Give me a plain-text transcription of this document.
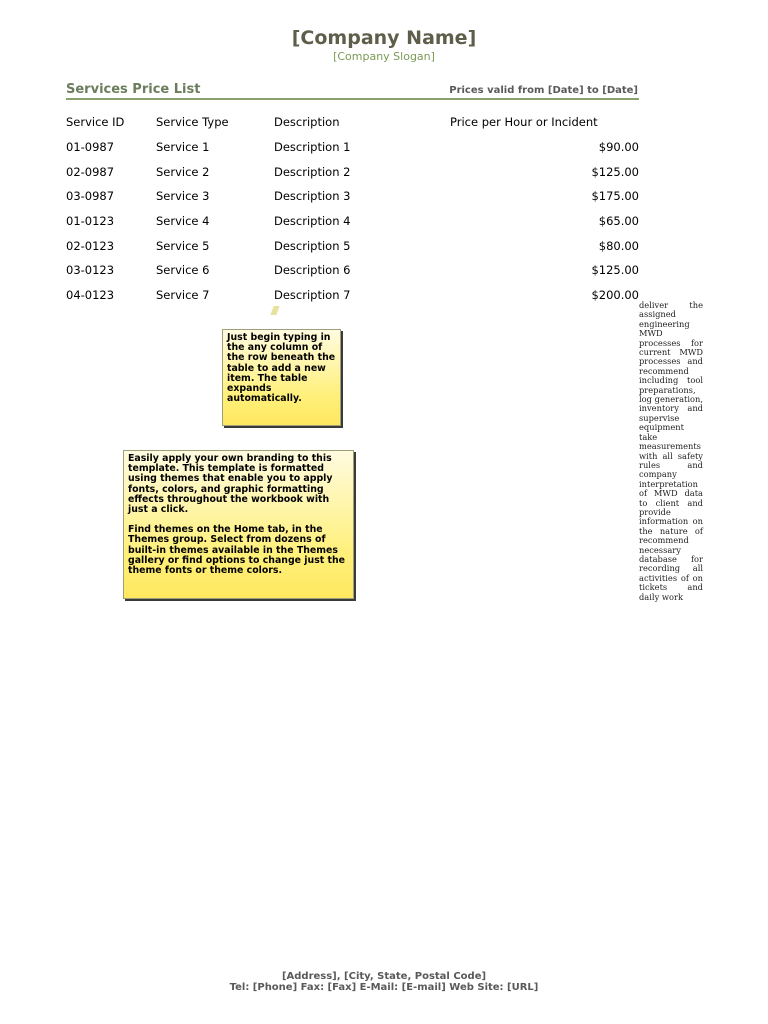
[Company Name]
[Company Slogan]
Services Price List	Prices valid from [Date] to [Date]
Service ID	Service Type	Description	Price per Hour or Incident
01-0987	Service 1	Description 1	$90.00
02-0987	Service 2	Description 2	$125.00
03-0987	Service 3	Description 3	$175.00
01-0123	Service 4	Description 4	$65.00
02-0123	Service 5	Description 5	$80.00
03-0123	Service 6	Description 6	$125.00
04-0123	Service 7	Description 7	$200.00

Just begin typing in the any column of the row beneath the table to add a new item. The table expands automatically.

Easily apply your own branding to this template. This template is formatted using themes that enable you to apply fonts, colors, and graphic formatting effects throughout the workbook with just a click.

Find themes on the Home tab, in the Themes group. Select from dozens of built-in themes available in the Themes gallery or find options to change just the theme fonts or theme colors.

deliver the assigned engineering MWD processes for current MWD processes and recommend including tool preparations, log generation, inventory and supervise equipment take measurements with all safety rules and company interpretation of MWD data to client and provide information on the nature of recommend necessary database for recording all activities of on tickets and daily work
[Address], [City, State, Postal Code]
Tel: [Phone] Fax: [Fax] E-Mail: [E-mail] Web Site: [URL]
